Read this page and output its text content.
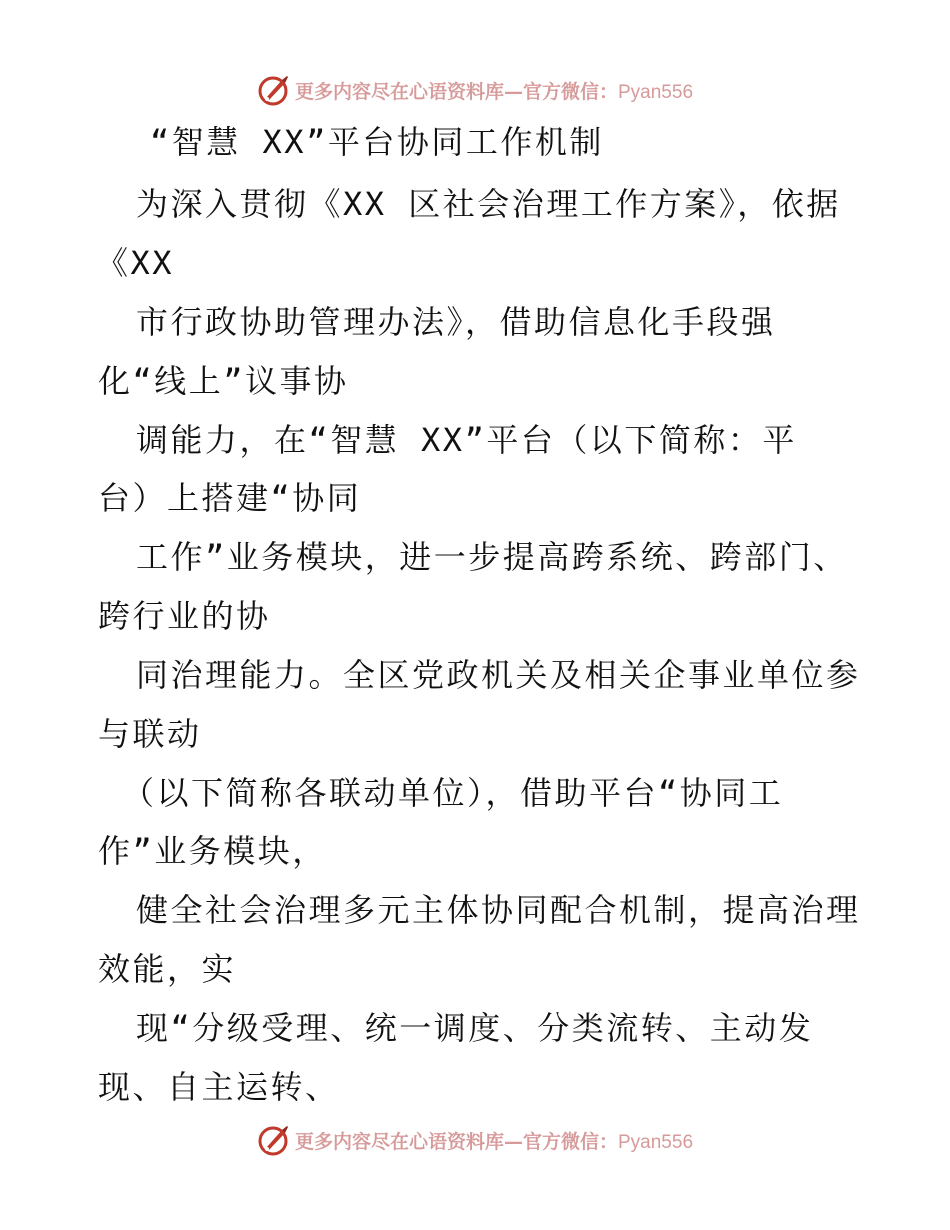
更多内容尽在心语资料库—官方微信：Pyan556
“智慧 XX”平台协同工作机制
为深入贯彻《XX 区社会治理工作方案》，依据
《XX
市行政协助管理办法》，借助信息化手段强
化“线上”议事协
调能力，在“智慧 XX”平台（以下简称：平
台）上搭建“协同
工作”业务模块，进一步提高跨系统、跨部门、
跨行业的协
同治理能力。全区党政机关及相关企事业单位参
与联动
（以下简称各联动单位），借助平台“协同工
作”业务模块，
健全社会治理多元主体协同配合机制，提高治理
效能，实
现“分级受理、统一调度、分类流转、主动发
现、自主运转、
更多内容尽在心语资料库—官方微信：Pyan556
